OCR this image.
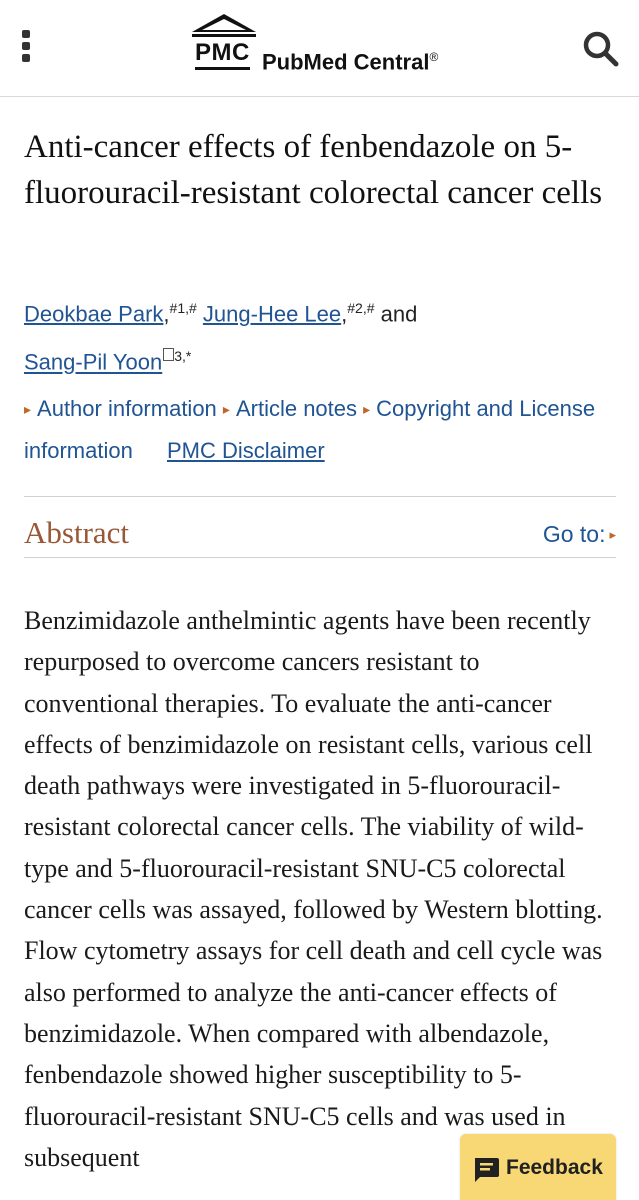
PMC PubMed Central®
Anti-cancer effects of fenbendazole on 5-fluorouracil-resistant colorectal cancer cells
Deokbae Park,$^{\#1,\#}$ Jung-Hee Lee,$^{\#2,\#}$ and
Sang-Pil Yoon $^{3,*}$
▸ Author information ▸ Article notes ▸ Copyright and License information PMC Disclaimer
Abstract	Go to: ▸
Benzimidazole anthelmintic agents have been recently repurposed to overcome cancers resistant to conventional therapies. To evaluate the anti-cancer effects of benzimidazole on resistant cells, various cell death pathways were investigated in 5-fluorouracil-resistant colorectal cancer cells. The viability of wild-type and 5-fluorouracil-resistant SNU-C5 colorectal cancer cells was assayed, followed by Western blotting. Flow cytometry assays for cell death and cell cycle was also performed to analyze the anti-cancer effects of benzimidazole. When compared with albendazole, fenbendazole showed higher susceptibility to 5-fluorouracil-resistant SNU-C5 cells and was used in subsequent	Feedback
